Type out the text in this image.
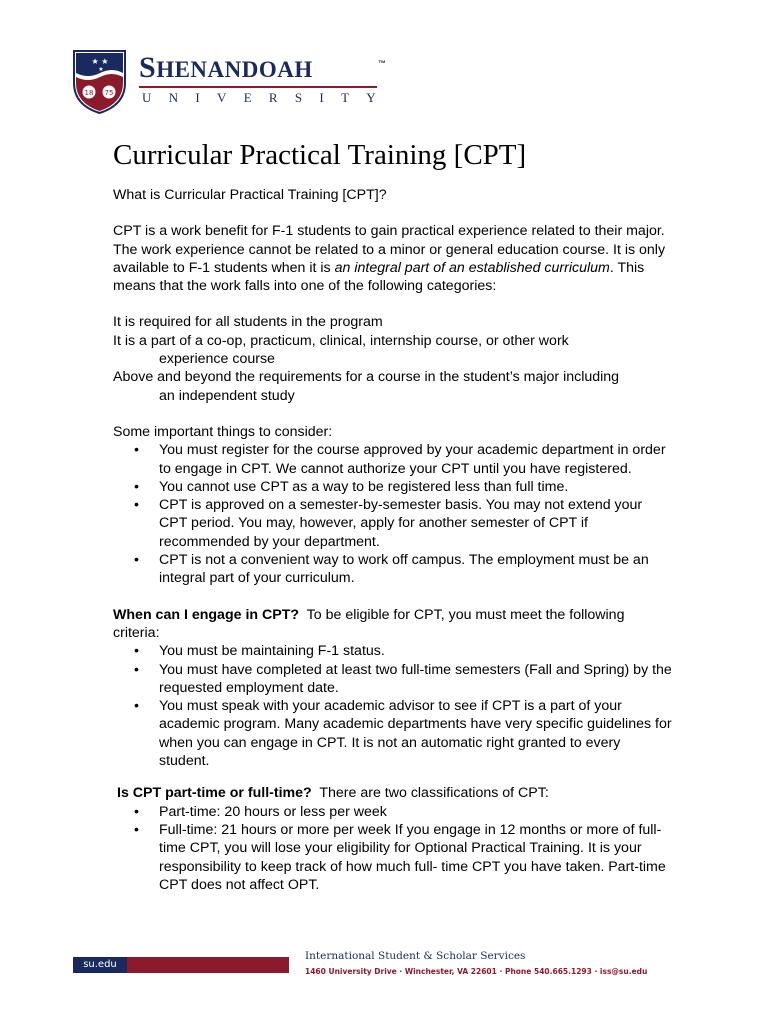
★ ★
★
18 75
SHENANDOAH	™
UNIVERSITY
Curricular Practical Training [CPT]

What is Curricular Practical Training [CPT]?

CPT is a work benefit for F-1 students to gain practical experience related to their major. The work experience cannot be related to a minor or general education course. It is only available to F-1 students when it is an integral part of an established curriculum. This means that the work falls into one of the following categories:

It is required for all students in the program

It is a part of a co-op, practicum, clinical, internship course, or other work

experience course

Above and beyond the requirements for a course in the student’s major including

an independent study

Some important things to consider:

• You must register for the course approved by your academic department in order to engage in CPT. We cannot authorize your CPT until you have registered.
• You cannot use CPT as a way to be registered less than full time.
• CPT is approved on a semester-by-semester basis. You may not extend your CPT period. You may, however, apply for another semester of CPT if recommended by your department.
• CPT is not a convenient way to work off campus. The employment must be an integral part of your curriculum.

When can I engage in CPT? To be eligible for CPT, you must meet the following criteria:

• You must be maintaining F-1 status.
• You must have completed at least two full-time semesters (Fall and Spring) by the requested employment date.
• You must speak with your academic advisor to see if CPT is a part of your academic program. Many academic departments have very specific guidelines for when you can engage in CPT. It is not an automatic right granted to every student.

Is CPT part-time or full-time? There are two classifications of CPT:

• Part-time: 20 hours or less per week
• Full-time: 21 hours or more per week If you engage in 12 months or more of full-time CPT, you will lose your eligibility for Optional Practical Training. It is your responsibility to keep track of how much full- time CPT you have taken. Part-time CPT does not affect OPT.
su.edu
International Student & Scholar Services
1460 University Drive · Winchester, VA 22601 · Phone 540.665.1293 · iss@su.edu
